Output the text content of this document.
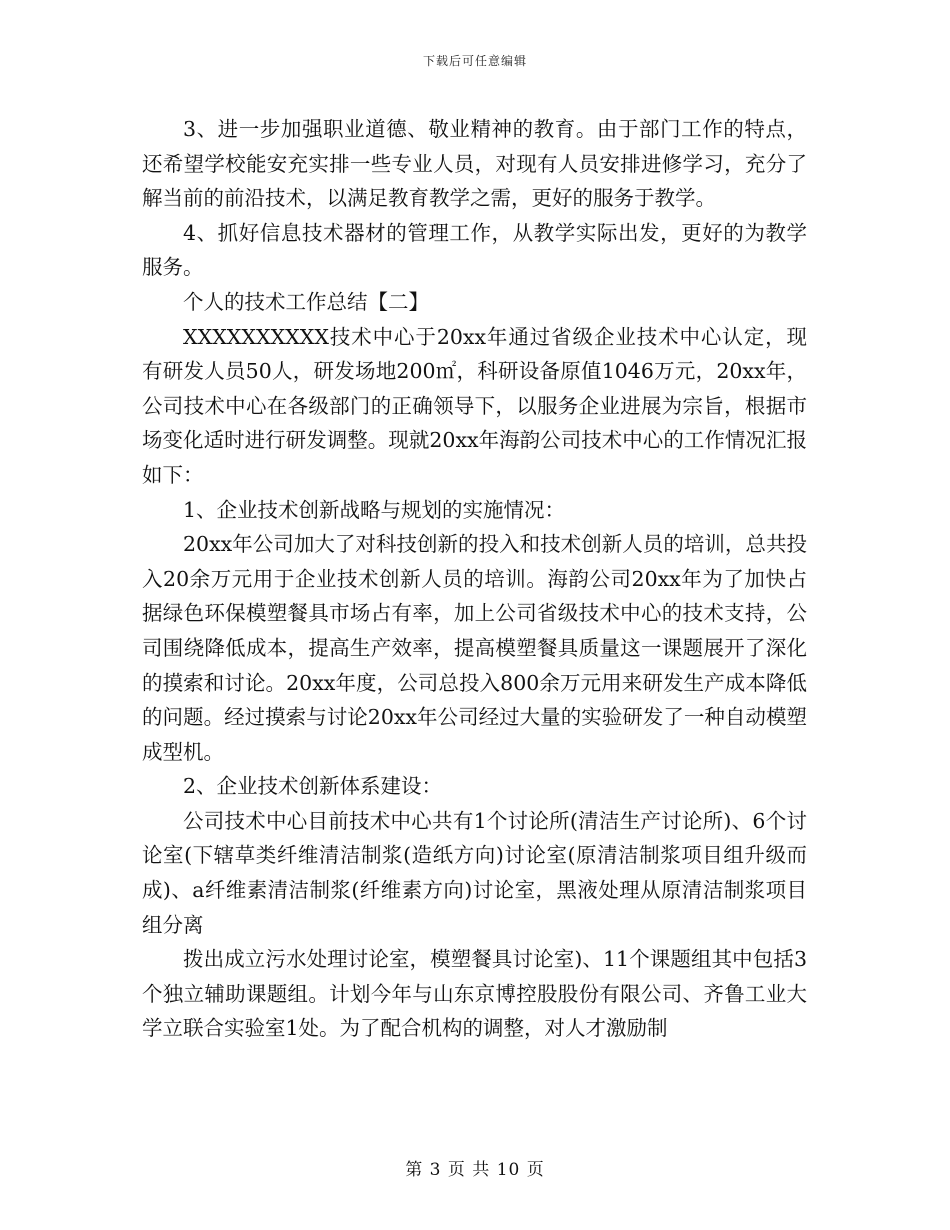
下载后可任意编辑

3、进一步加强职业道德、敬业精神的教育。由于部门工作的特点，还希望学校能安充实排一些专业人员，对现有人员安排进修学习，充分了解当前的前沿技术，以满足教育教学之需，更好的服务于教学。

4、抓好信息技术器材的管理工作，从教学实际出发，更好的为教学服务。

个人的技术工作总结【二】

XXXXXXXXXX技术中心于20xx年通过省级企业技术中心认定，现有研发人员50人，研发场地200㎡，科研设备原值1046万元，20xx年，公司技术中心在各级部门的正确领导下，以服务企业进展为宗旨，根据市场变化适时进行研发调整。现就20xx年海韵公司技术中心的工作情况汇报如下：

1、企业技术创新战略与规划的实施情况：

20xx年公司加大了对科技创新的投入和技术创新人员的培训，总共投入20余万元用于企业技术创新人员的培训。海韵公司20xx年为了加快占据绿色环保模塑餐具市场占有率，加上公司省级技术中心的技术支持，公司围绕降低成本，提高生产效率，提高模塑餐具质量这一课题展开了深化的摸索和讨论。20xx年度，公司总投入800余万元用来研发生产成本降低的问题。经过摸索与讨论20xx年公司经过大量的实验研发了一种自动模塑成型机。

2、企业技术创新体系建设：

公司技术中心目前技术中心共有1个讨论所(清洁生产讨论所)、6个讨论室(下辖草类纤维清洁制浆(造纸方向)讨论室(原清洁制浆项目组升级而成)、a纤维素清洁制浆(纤维素方向)讨论室，黑液处理从原清洁制浆项目组分离

拨出成立污水处理讨论室，模塑餐具讨论室)、11个课题组其中包括3个独立辅助课题组。计划今年与山东京博控股股份有限公司、齐鲁工业大学立联合实验室1处。为了配合机构的调整，对人才激励制

第 3 页 共 10 页
